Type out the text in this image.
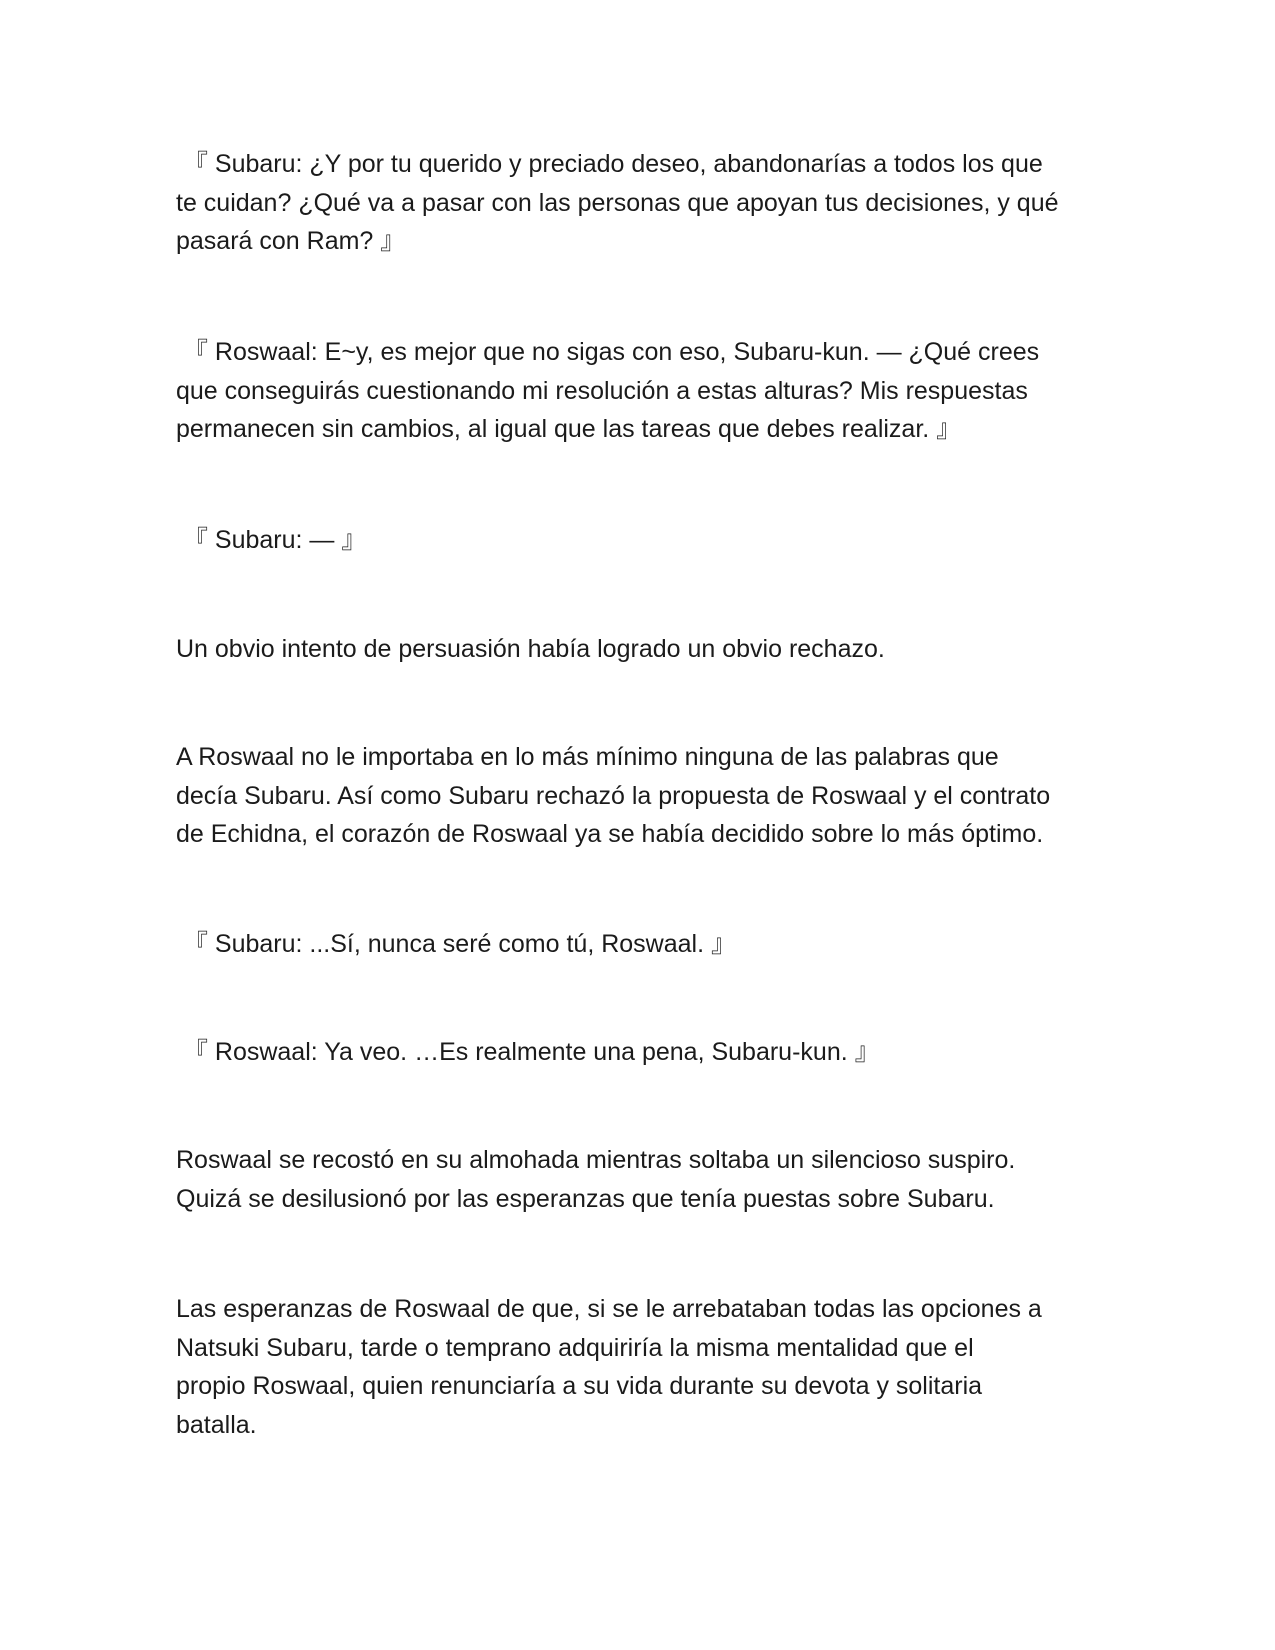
『 Subaru: ¿Y por tu querido y preciado deseo, abandonarías a todos los que
te cuidan? ¿Qué va a pasar con las personas que apoyan tus decisiones, y qué
pasará con Ram? 』

『 Roswaal: E~y, es mejor que no sigas con eso, Subaru-kun. — ¿Qué crees
que conseguirás cuestionando mi resolución a estas alturas? Mis respuestas
permanecen sin cambios, al igual que las tareas que debes realizar. 』

『 Subaru: — 』

Un obvio intento de persuasión había logrado un obvio rechazo.

A Roswaal no le importaba en lo más mínimo ninguna de las palabras que
decía Subaru. Así como Subaru rechazó la propuesta de Roswaal y el contrato
de Echidna, el corazón de Roswaal ya se había decidido sobre lo más óptimo.

『 Subaru: ...Sí, nunca seré como tú, Roswaal. 』

『 Roswaal: Ya veo. …Es realmente una pena, Subaru-kun. 』

Roswaal se recostó en su almohada mientras soltaba un silencioso suspiro.
Quizá se desilusionó por las esperanzas que tenía puestas sobre Subaru.

Las esperanzas de Roswaal de que, si se le arrebataban todas las opciones a
Natsuki Subaru, tarde o temprano adquiriría la misma mentalidad que el
propio Roswaal, quien renunciaría a su vida durante su devota y solitaria
batalla.
